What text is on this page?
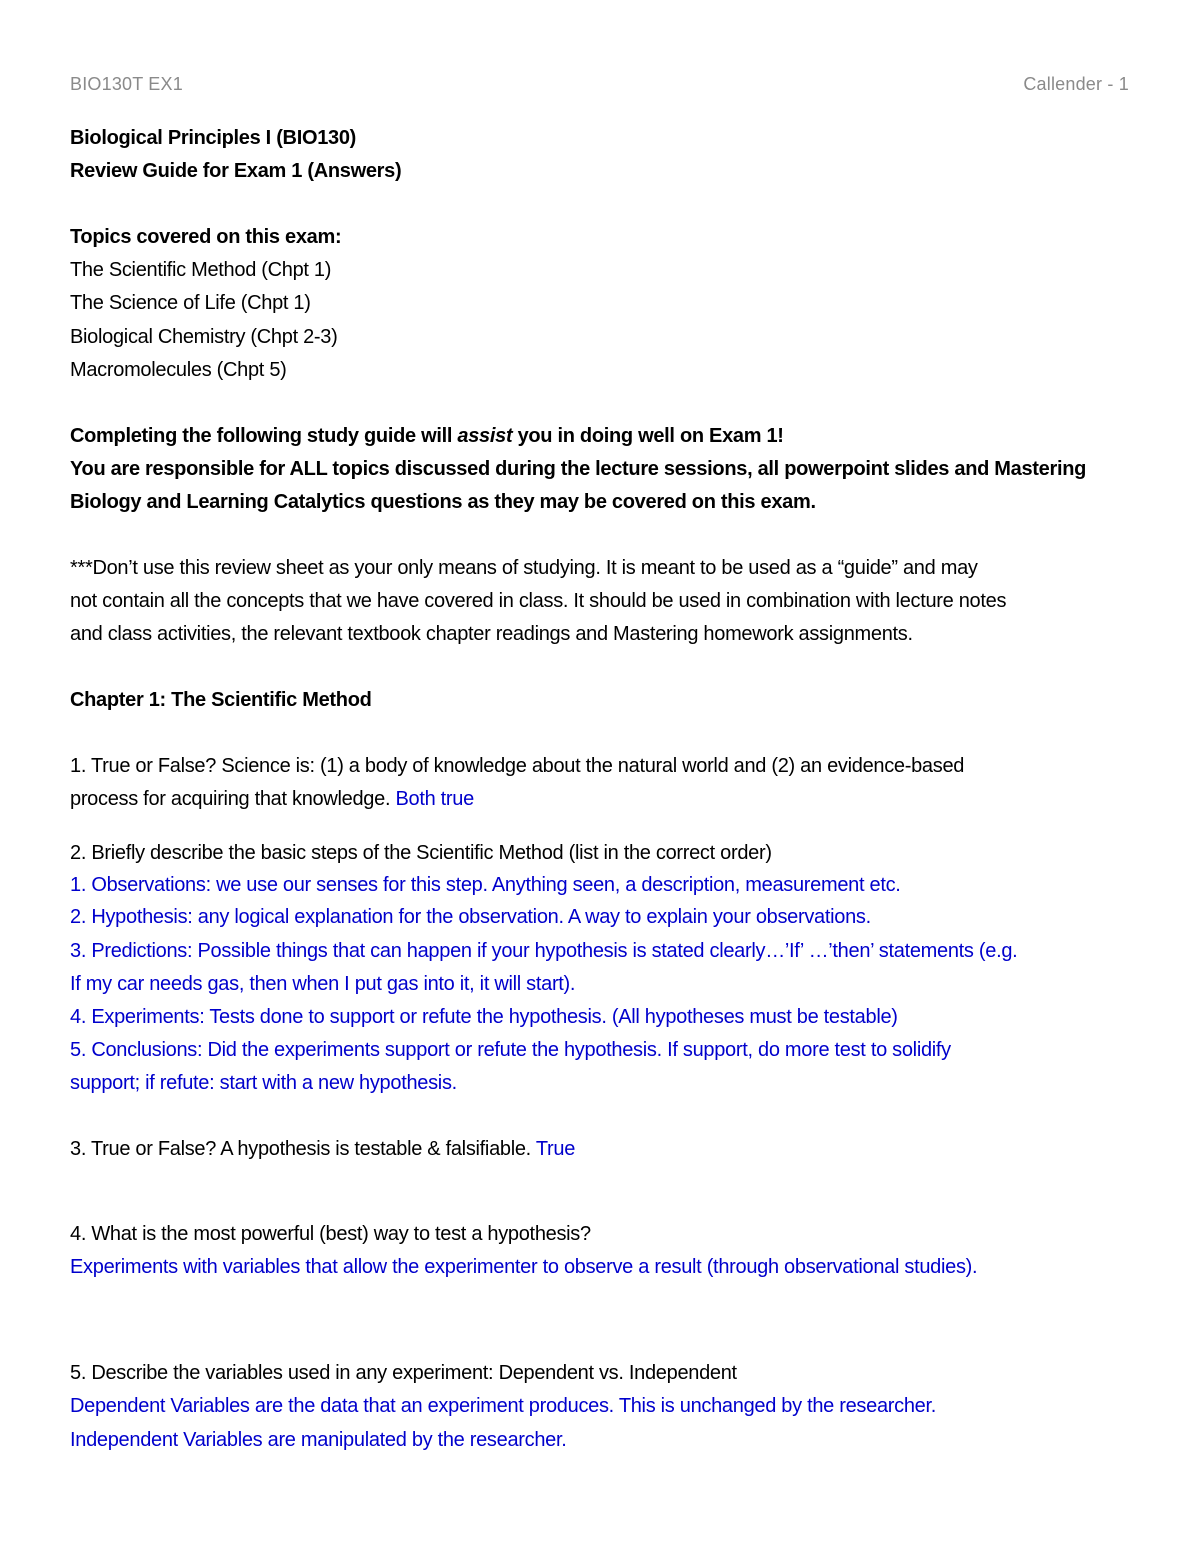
BIO130T EX1	Callender - 1
Biological Principles I (BIO130)
Review Guide for Exam 1 (Answers)
Topics covered on this exam:
The Scientific Method (Chpt 1)
The Science of Life (Chpt 1)
Biological Chemistry (Chpt 2-3)
Macromolecules (Chpt 5)
Completing the following study guide will assist you in doing well on Exam 1!
You are responsible for ALL topics discussed during the lecture sessions, all powerpoint slides and Mastering
Biology and Learning Catalytics questions as they may be covered on this exam.
***Don’t use this review sheet as your only means of studying. It is meant to be used as a “guide” and may
not contain all the concepts that we have covered in class. It should be used in combination with lecture notes
and class activities, the relevant textbook chapter readings and Mastering homework assignments.
Chapter 1: The Scientific Method
1. True or False? Science is: (1) a body of knowledge about the natural world and (2) an evidence-based
process for acquiring that knowledge. Both true
2. Briefly describe the basic steps of the Scientific Method (list in the correct order)
1. Observations: we use our senses for this step. Anything seen, a description, measurement etc.
2. Hypothesis: any logical explanation for the observation. A way to explain your observations.
3. Predictions: Possible things that can happen if your hypothesis is stated clearly…’If’ …’then’ statements (e.g.
If my car needs gas, then when I put gas into it, it will start).
4. Experiments: Tests done to support or refute the hypothesis. (All hypotheses must be testable)
5. Conclusions: Did the experiments support or refute the hypothesis. If support, do more test to solidify
support; if refute: start with a new hypothesis.
3. True or False? A hypothesis is testable & falsifiable. True
4. What is the most powerful (best) way to test a hypothesis?
Experiments with variables that allow the experimenter to observe a result (through observational studies).
5. Describe the variables used in any experiment: Dependent vs. Independent
Dependent Variables are the data that an experiment produces. This is unchanged by the researcher.
Independent Variables are manipulated by the researcher.
